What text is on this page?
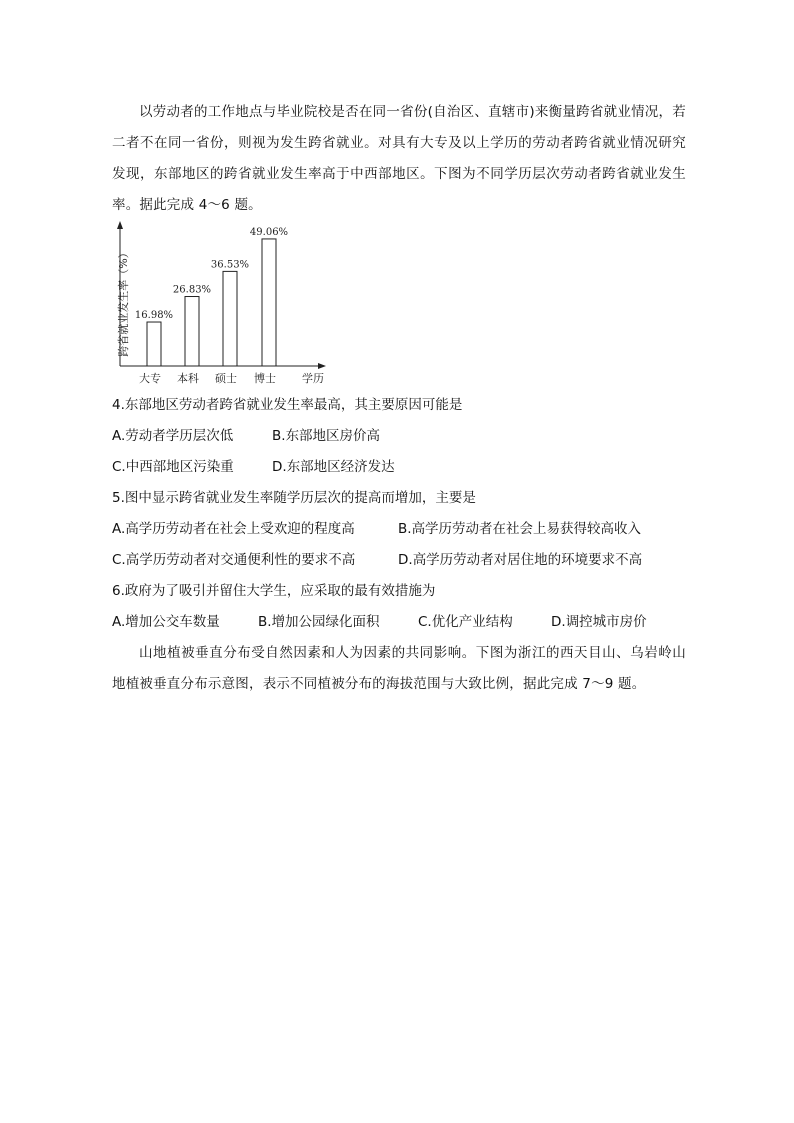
以劳动者的工作地点与毕业院校是否在同一省份(自治区、直辖市)来衡量跨省就业情况，若二者不在同一省份，则视为发生跨省就业。对具有大专及以上学历的劳动者跨省就业情况研究发现，东部地区的跨省就业发生率高于中西部地区。下图为不同学历层次劳动者跨省就业发生率。据此完成 4～6 题。

跨省就业发生率（%）
学历
16.98%
大专
26.83%
本科
36.53%
硕士
49.06%
博士

4.东部地区劳动者跨省就业发生率最高，其主要原因可能是

A.劳动者学历层次低	B.东部地区房价高

C.中西部地区污染重	D.东部地区经济发达

5.图中显示跨省就业发生率随学历层次的提高而增加，主要是

A.高学历劳动者在社会上受欢迎的程度高	B.高学历劳动者在社会上易获得较高收入

C.高学历劳动者对交通便利性的要求不高	D.高学历劳动者对居住地的环境要求不高

6.政府为了吸引并留住大学生，应采取的最有效措施为

A.增加公交车数量	B.增加公园绿化面积	C.优化产业结构	D.调控城市房价

山地植被垂直分布受自然因素和人为因素的共同影响。下图为浙江的西天目山、乌岩岭山地植被垂直分布示意图，表示不同植被分布的海拔范围与大致比例，据此完成 7～9 题。
